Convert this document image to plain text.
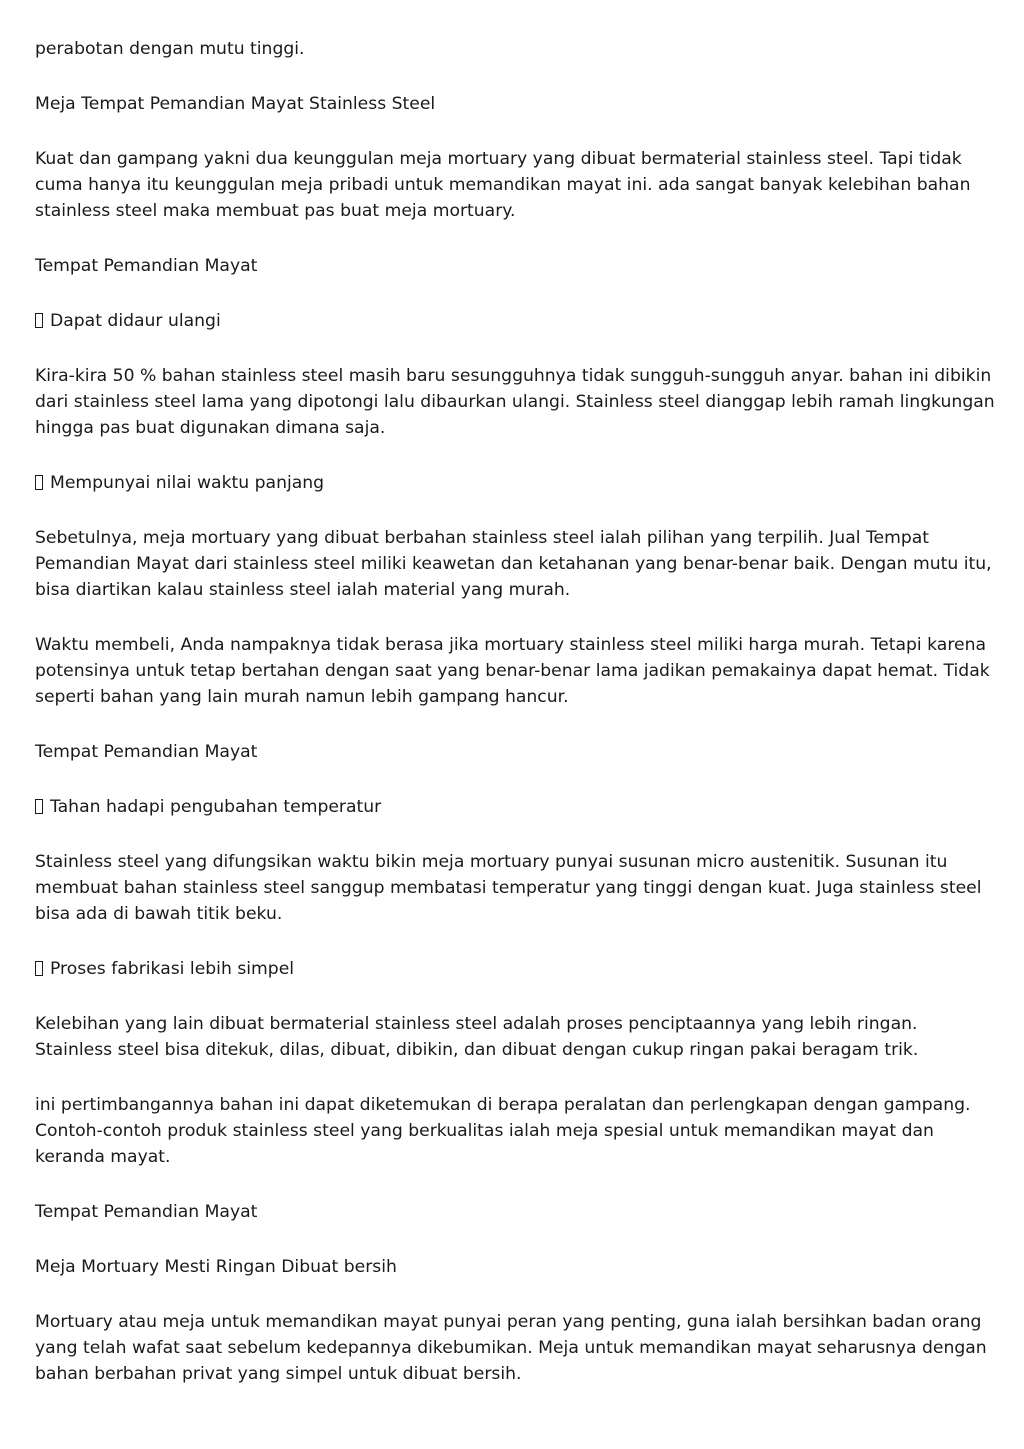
perabotan dengan mutu tinggi.

Meja Tempat Pemandian Mayat Stainless Steel

Kuat dan gampang yakni dua keunggulan meja mortuary yang dibuat bermaterial stainless steel. Tapi tidak cuma hanya itu keunggulan meja pribadi untuk memandikan mayat ini. ada sangat banyak kelebihan bahan stainless steel maka membuat pas buat meja mortuary.

Tempat Pemandian Mayat

Dapat didaur ulangi

Kira-kira 50 % bahan stainless steel masih baru sesungguhnya tidak sungguh-sungguh anyar. bahan ini dibikin dari stainless steel lama yang dipotongi lalu dibaurkan ulangi. Stainless steel dianggap lebih ramah lingkungan hingga pas buat digunakan dimana saja.

Mempunyai nilai waktu panjang

Sebetulnya, meja mortuary yang dibuat berbahan stainless steel ialah pilihan yang terpilih. Jual Tempat Pemandian Mayat dari stainless steel miliki keawetan dan ketahanan yang benar-benar baik. Dengan mutu itu, bisa diartikan kalau stainless steel ialah material yang murah.

Waktu membeli, Anda nampaknya tidak berasa jika mortuary stainless steel miliki harga murah. Tetapi karena potensinya untuk tetap bertahan dengan saat yang benar-benar lama jadikan pemakainya dapat hemat. Tidak seperti bahan yang lain murah namun lebih gampang hancur.

Tempat Pemandian Mayat

Tahan hadapi pengubahan temperatur

Stainless steel yang difungsikan waktu bikin meja mortuary punyai susunan micro austenitik. Susunan itu membuat bahan stainless steel sanggup membatasi temperatur yang tinggi dengan kuat. Juga stainless steel bisa ada di bawah titik beku.

Proses fabrikasi lebih simpel

Kelebihan yang lain dibuat bermaterial stainless steel adalah proses penciptaannya yang lebih ringan. Stainless steel bisa ditekuk, dilas, dibuat, dibikin, dan dibuat dengan cukup ringan pakai beragam trik.

ini pertimbangannya bahan ini dapat diketemukan di berapa peralatan dan perlengkapan dengan gampang. Contoh-contoh produk stainless steel yang berkualitas ialah meja spesial untuk memandikan mayat dan keranda mayat.

Tempat Pemandian Mayat

Meja Mortuary Mesti Ringan Dibuat bersih

Mortuary atau meja untuk memandikan mayat punyai peran yang penting, guna ialah bersihkan badan orang yang telah wafat saat sebelum kedepannya dikebumikan. Meja untuk memandikan mayat seharusnya dengan bahan berbahan privat yang simpel untuk dibuat bersih.
